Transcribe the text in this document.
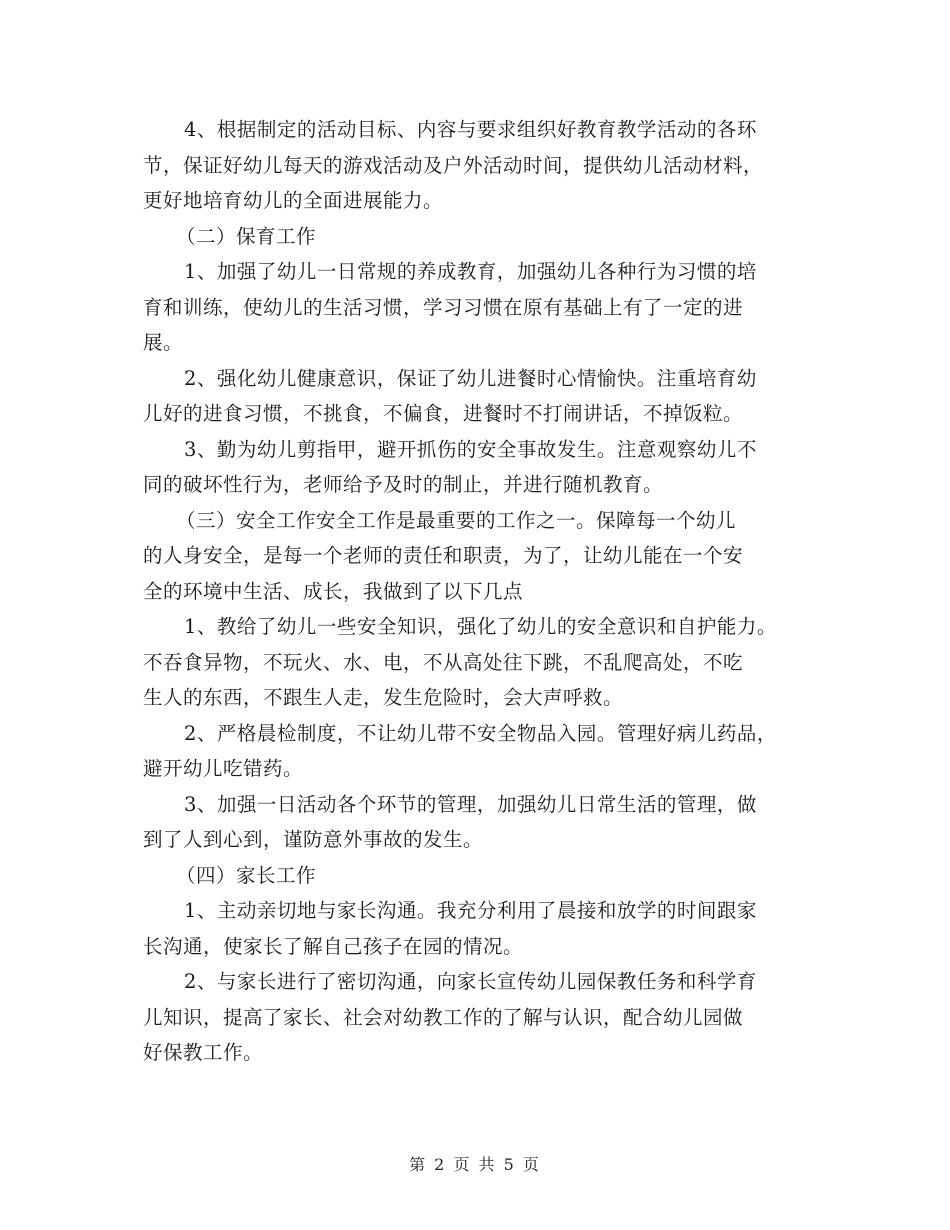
4、根据制定的活动目标、内容与要求组织好教育教学活动的各环
节，保证好幼儿每天的游戏活动及户外活动时间，提供幼儿活动材料，
更好地培育幼儿的全面进展能力。
（二）保育工作
1、加强了幼儿一日常规的养成教育，加强幼儿各种行为习惯的培
育和训练，使幼儿的生活习惯，学习习惯在原有基础上有了一定的进
展。
2、强化幼儿健康意识，保证了幼儿进餐时心情愉快。注重培育幼
儿好的进食习惯，不挑食，不偏食，进餐时不打闹讲话，不掉饭粒。
3、勤为幼儿剪指甲，避开抓伤的安全事故发生。注意观察幼儿不
同的破坏性行为，老师给予及时的制止，并进行随机教育。
（三）安全工作安全工作是最重要的工作之一。保障每一个幼儿
的人身安全，是每一个老师的责任和职责，为了，让幼儿能在一个安
全的环境中生活、成长，我做到了以下几点
1、教给了幼儿一些安全知识，强化了幼儿的安全意识和自护能力。
不吞食异物，不玩火、水、电，不从高处往下跳，不乱爬高处，不吃
生人的东西，不跟生人走，发生危险时，会大声呼救。
2、严格晨检制度，不让幼儿带不安全物品入园。管理好病儿药品，
避开幼儿吃错药。
3、加强一日活动各个环节的管理，加强幼儿日常生活的管理，做
到了人到心到，谨防意外事故的发生。
（四）家长工作
1、主动亲切地与家长沟通。我充分利用了晨接和放学的时间跟家
长沟通，使家长了解自己孩子在园的情况。
2、与家长进行了密切沟通，向家长宣传幼儿园保教任务和科学育
儿知识，提高了家长、社会对幼教工作的了解与认识，配合幼儿园做
好保教工作。
第 2 页 共 5 页
